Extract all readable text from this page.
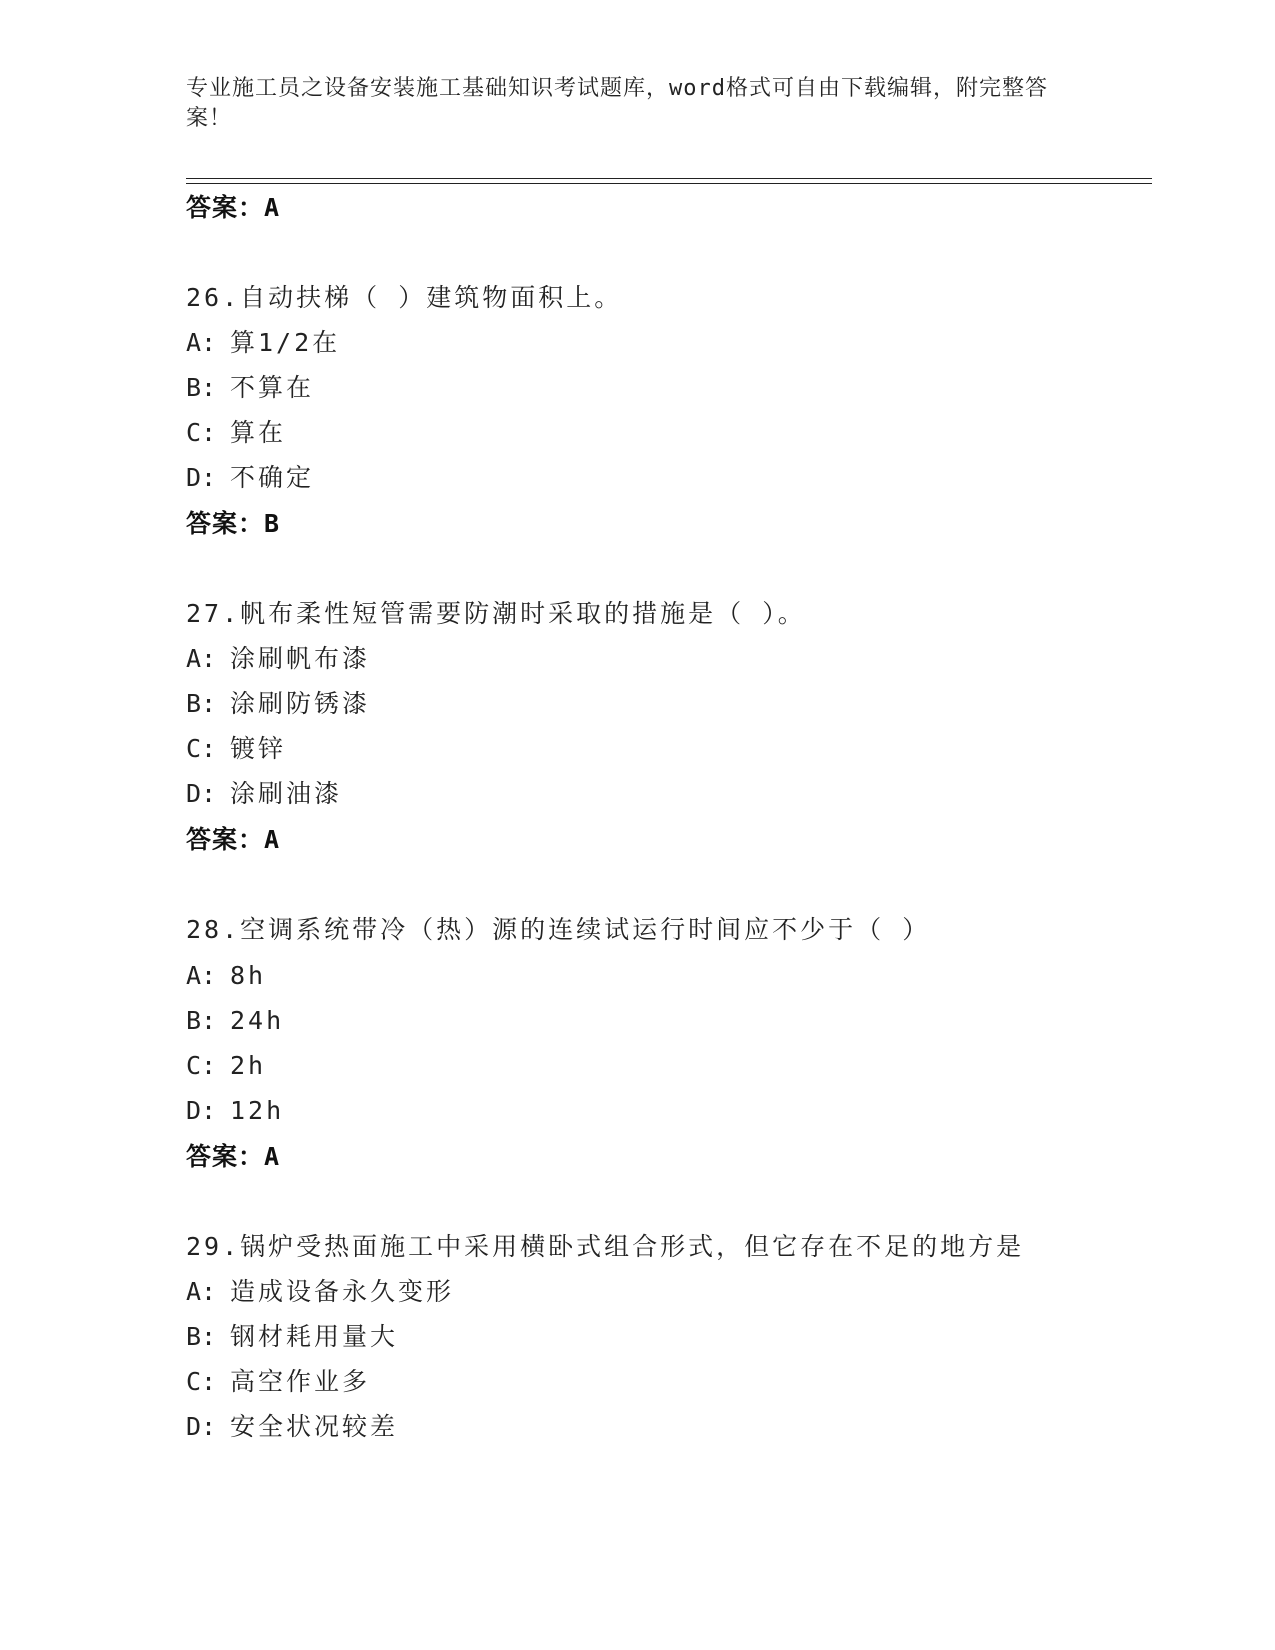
专业施工员之设备安装施工基础知识考试题库，word格式可自由下载编辑，附完整答案！
答案：A
26.自动扶梯（ ）建筑物面积上。
A: 算1/2在
B: 不算在
C: 算在
D: 不确定
答案：B
27.帆布柔性短管需要防潮时采取的措施是（ ）。
A: 涂刷帆布漆
B: 涂刷防锈漆
C: 镀锌
D: 涂刷油漆
答案：A
28.空调系统带冷（热）源的连续试运行时间应不少于（ ）
A: 8h
B: 24h
C: 2h
D: 12h
答案：A
29.锅炉受热面施工中采用横卧式组合形式，但它存在不足的地方是
A: 造成设备永久变形
B: 钢材耗用量大
C: 高空作业多
D: 安全状况较差
